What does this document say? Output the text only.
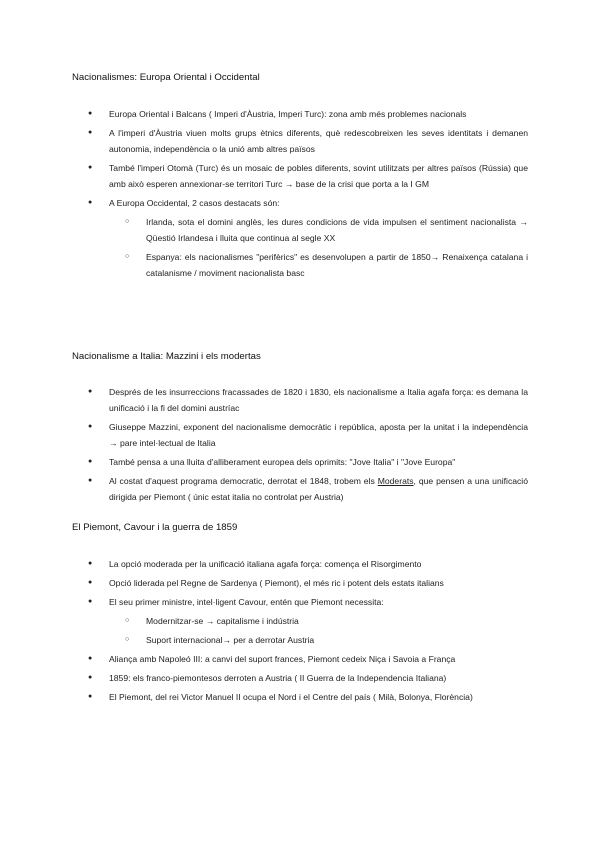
Nacionalismes: Europa Oriental i Occidental
● Europa Oriental i Balcans ( Imperi d'Àustria, Imperi Turc): zona amb més problemes nacionals
● A l'imperi d'Àustria viuen molts grups ètnics diferents, què redescobreixen les seves identitats i demanen autonomia, independència o la unió amb altres països
● També l'imperi Otomà (Turc) és un mosaic de pobles diferents, sovint utilitzats per altres països (Rússia) que amb això esperen annexionar-se territori Turc → base de la crisi que porta a la I GM
● A Europa Occidental, 2 casos destacats són:
○ Irlanda, sota el domini anglès, les dures condicions de vida impulsen el sentiment nacionalista → Qüestió Irlandesa i lluita que continua al segle XX
○ Espanya: els nacionalismes "perifèrics" es desenvolupen a partir de 1850→ Renaixença catalana i catalanisme / moviment nacionalista basc
Nacionalisme a Italia: Mazzini i els modertas
● Després de les insurreccions fracassades de 1820 i 1830, els nacionalisme a Italia agafa força: es demana la unificació i la fi del domini austríac
● Giuseppe Mazzini, exponent del nacionalisme democràtic i república, aposta per la unitat i la independència → pare intel·lectual de Italia
● També pensa a una lluita d'alliberament europea dels oprimits: "Jove Italia" i "Jove Europa"
● Al costat d'aquest programa democratic, derrotat el 1848, trobem els Moderats, que pensen a una unificació dirigida per Piemont ( únic estat italia no controlat per Austria)
El Piemont, Cavour i la guerra de 1859
● La opció moderada per la unificació italiana agafa força: comença el Risorgimento
● Opció liderada pel Regne de Sardenya ( Piemont), el més ric i potent dels estats italians
● El seu primer ministre, intel·ligent Cavour, entén que Piemont necessita:
○ Modernitzar-se → capitalisme i indústria
○ Suport internacional→ per a derrotar Austria
● Aliança amb Napoleó III: a canvi del suport frances, Piemont cedeix Niça i Savoia a França
● 1859: els franco-piemontesos derroten a Austria ( II Guerra de la Independencia Italiana)
● El Piemont, del rei Victor Manuel II ocupa el Nord i el Centre del país ( Milà, Bolonya, Florència)
